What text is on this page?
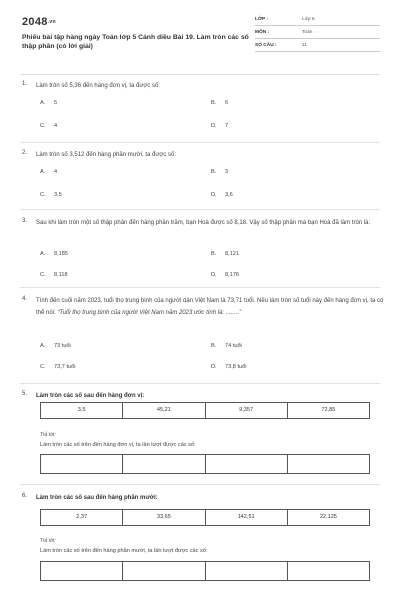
2048.vn
Phiếu bài tập hàng ngày Toán lớp 5 Cánh diều Bài 19. Làm tròn các số thập phân (có lời giải)
LỚP :	Lớp 5
MÔN :	Toán
SỐ CÂU :	11
1. Làm tròn số 5,36 đến hàng đơn vị, ta được số:
A. 5	B. 6
C. 4	D. 7
2. Làm tròn số 3,512 đến hàng phần mười, ta được số:
A. 4	B. 3
C. 3,5	D. 3,6
3. Sau khi làm tròn một số thập phân đến hàng phần trăm, bạn Hoà được số 8,18. Vậy số thập phân mà bạn Hoà đã làm tròn là:
A. 8,185	B. 8,121
C. 8,118	D. 8,176
4. Tính đến cuối năm 2023, tuổi thọ trung bình của người dân Việt Nam là 73,71 tuổi. Nếu làm tròn số tuổi này đến hàng đơn vị, ta có thể nói: “Tuổi thọ trung bình của người Việt Nam năm 2023 ước tính là: ........”
A. 73 tuổi	B. 74 tuổi
C. 73,7 tuổi	D. 73,8 tuổi
5. Làm tròn các số sau đến hàng đơn vị:
3,5	45,21	9,357	72,85
Trả lời:
Làm tròn các số trên đến hàng đơn vị, ta lần lượt được các số:
6. Làm tròn các số sau đến hàng phần mười:
2,37	33,65	142,51	22,125
Trả lời:
Làm tròn các số trên đến hàng phần mười, ta lần lượt được các số:
